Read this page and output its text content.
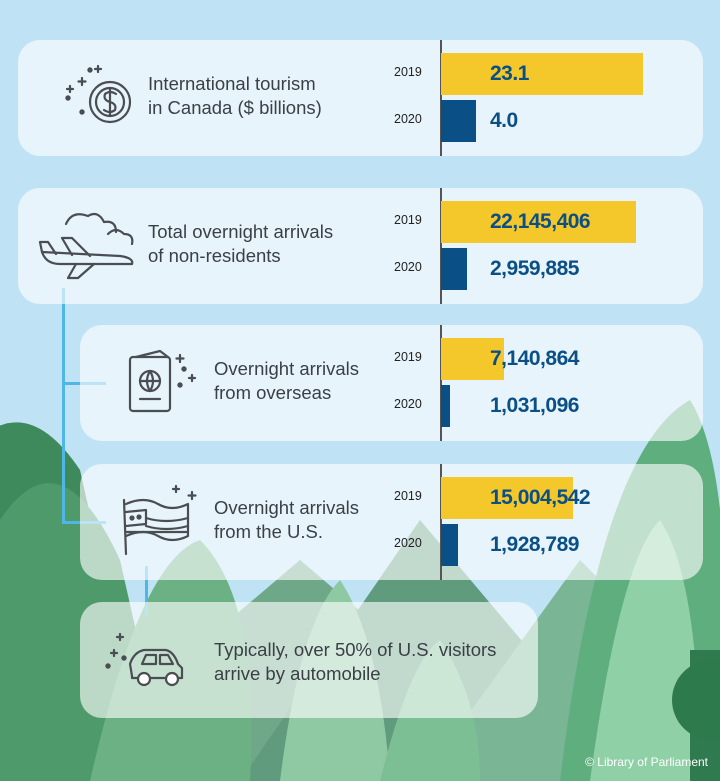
International tourism
in Canada ($ billions)
2019	23.1
2020	4.0
Total overnight arrivals
of non-residents
2019	22,145,406
2020	2,959,885
Overnight arrivals
from overseas
2019	7,140,864
2020	1,031,096
Overnight arrivals
from the U.S.
2019	15,004,542
2020	1,928,789
Typically, over 50% of U.S. visitors
arrive by automobile
© Library of Parliament
